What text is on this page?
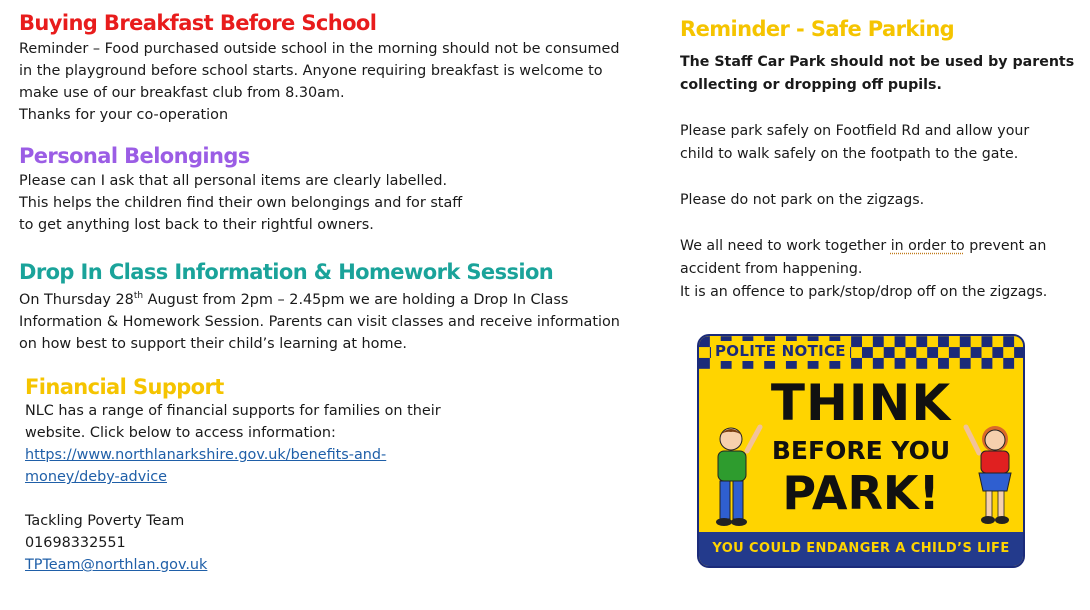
Buying Breakfast Before School

Reminder – Food purchased outside school in the morning should not be consumed

in the playground before school starts. Anyone requiring breakfast is welcome to

make use of our breakfast club from 8.30am.

Thanks for your co-operation

Personal Belongings

Please can I ask that all personal items are clearly labelled.

This helps the children find their own belongings and for staff

to get anything lost back to their rightful owners.

Drop In Class Information & Homework Session

On Thursday 28th August from 2pm – 2.45pm we are holding a Drop In Class

Information & Homework Session. Parents can visit classes and receive information

on how best to support their child’s learning at home.

Financial Support

NLC has a range of financial supports for families on their

website. Click below to access information:

https://www.northlanarkshire.gov.uk/benefits-and-

money/deby-advice

Tackling Poverty Team

01698332551

TPTeam@northlan.gov.uk

Reminder - Safe Parking

The Staff Car Park should not be used by parents

collecting or dropping off pupils.

Please park safely on Footfield Rd and allow your

child to walk safely on the footpath to the gate.

Please do not park on the zigzags.

We all need to work together in order to prevent an

accident from happening.

It is an offence to park/stop/drop off on the zigzags.

POLITE NOTICE
THINK
BEFORE YOU
PARK!
YOU COULD ENDANGER A CHILD’S LIFE
